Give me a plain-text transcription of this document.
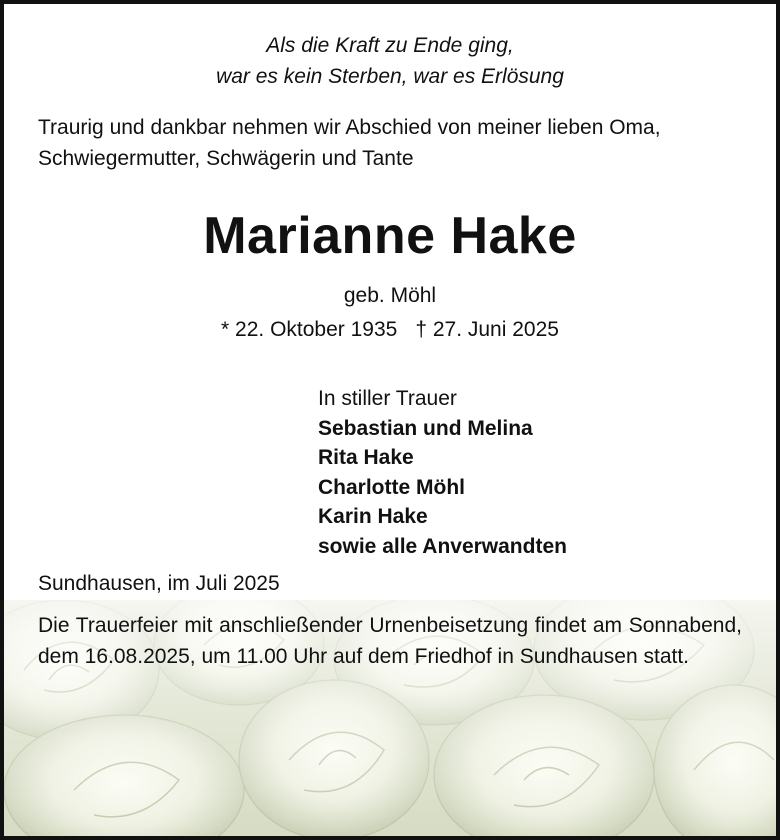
Als die Kraft zu Ende ging,
war es kein Sterben, war es Erlösung
Traurig und dankbar nehmen wir Abschied von meiner lieben Oma,
Schwiegermutter, Schwägerin und Tante
Marianne Hake
geb. Möhl
* 22. Oktober 1935 † 27. Juni 2025
In stiller Trauer
Sebastian und Melina
Rita Hake
Charlotte Möhl
Karin Hake
sowie alle Anverwandten
Sundhausen, im Juli 2025
Die Trauerfeier mit anschließender Urnenbeisetzung findet am Sonnabend, dem 16.08.2025, um 11.00 Uhr auf dem Friedhof in Sundhausen statt.
